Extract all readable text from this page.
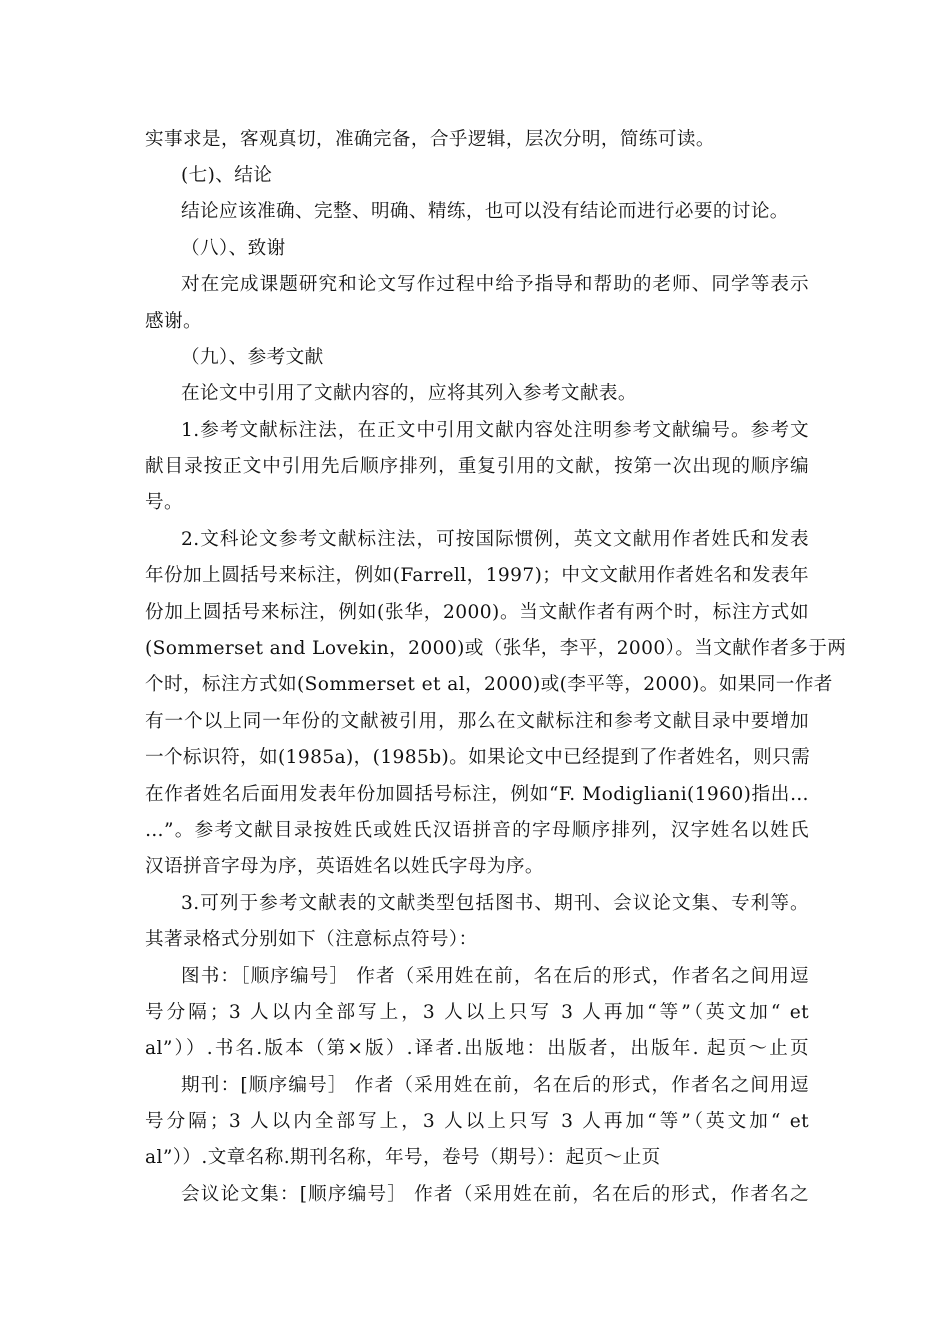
实事求是，客观真切，准确完备，合乎逻辑，层次分明，简练可读。
(七)、结论
结论应该准确、完整、明确、精练，也可以没有结论而进行必要的讨论。
（八）、致谢
对在完成课题研究和论文写作过程中给予指导和帮助的老师、同学等表示
感谢。
（九）、参考文献
在论文中引用了文献内容的，应将其列入参考文献表。
1.参考文献标注法，在正文中引用文献内容处注明参考文献编号。参考文
献目录按正文中引用先后顺序排列，重复引用的文献，按第一次出现的顺序编
号。
2.文科论文参考文献标注法，可按国际惯例，英文文献用作者姓氏和发表
年份加上圆括号来标注，例如(Farrell，1997)；中文文献用作者姓名和发表年
份加上圆括号来标注，例如(张华，2000)。当文献作者有两个时，标注方式如
(Sommerset and Lovekin，2000)或（张华，李平，2000）。当文献作者多于两
个时，标注方式如(Sommerset et al，2000)或(李平等，2000)。如果同一作者
有一个以上同一年份的文献被引用，那么在文献标注和参考文献目录中要增加
一个标识符，如(1985a)，(1985b)。如果论文中已经提到了作者姓名，则只需
在作者姓名后面用发表年份加圆括号标注，例如“F. Modigliani(1960)指出…
…”。参考文献目录按姓氏或姓氏汉语拼音的字母顺序排列，汉字姓名以姓氏
汉语拼音字母为序，英语姓名以姓氏字母为序。
3.可列于参考文献表的文献类型包括图书、期刊、会议论文集、专利等。
其著录格式分别如下（注意标点符号）：
图书：［顺序编号］ 作者（采用姓在前，名在后的形式，作者名之间用逗
号分隔；3 人以内全部写上，3 人以上只写 3 人再加“等”（英文加“ et
al”））.书名.版本（第×版）.译者.出版地：出版者，出版年. 起页～止页
期刊：[顺序编号］ 作者（采用姓在前，名在后的形式，作者名之间用逗
号分隔；3 人以内全部写上，3 人以上只写 3 人再加“等”（英文加“ et
al”））.文章名称.期刊名称，年号，卷号（期号）：起页～止页
会议论文集：[顺序编号］ 作者（采用姓在前，名在后的形式，作者名之
